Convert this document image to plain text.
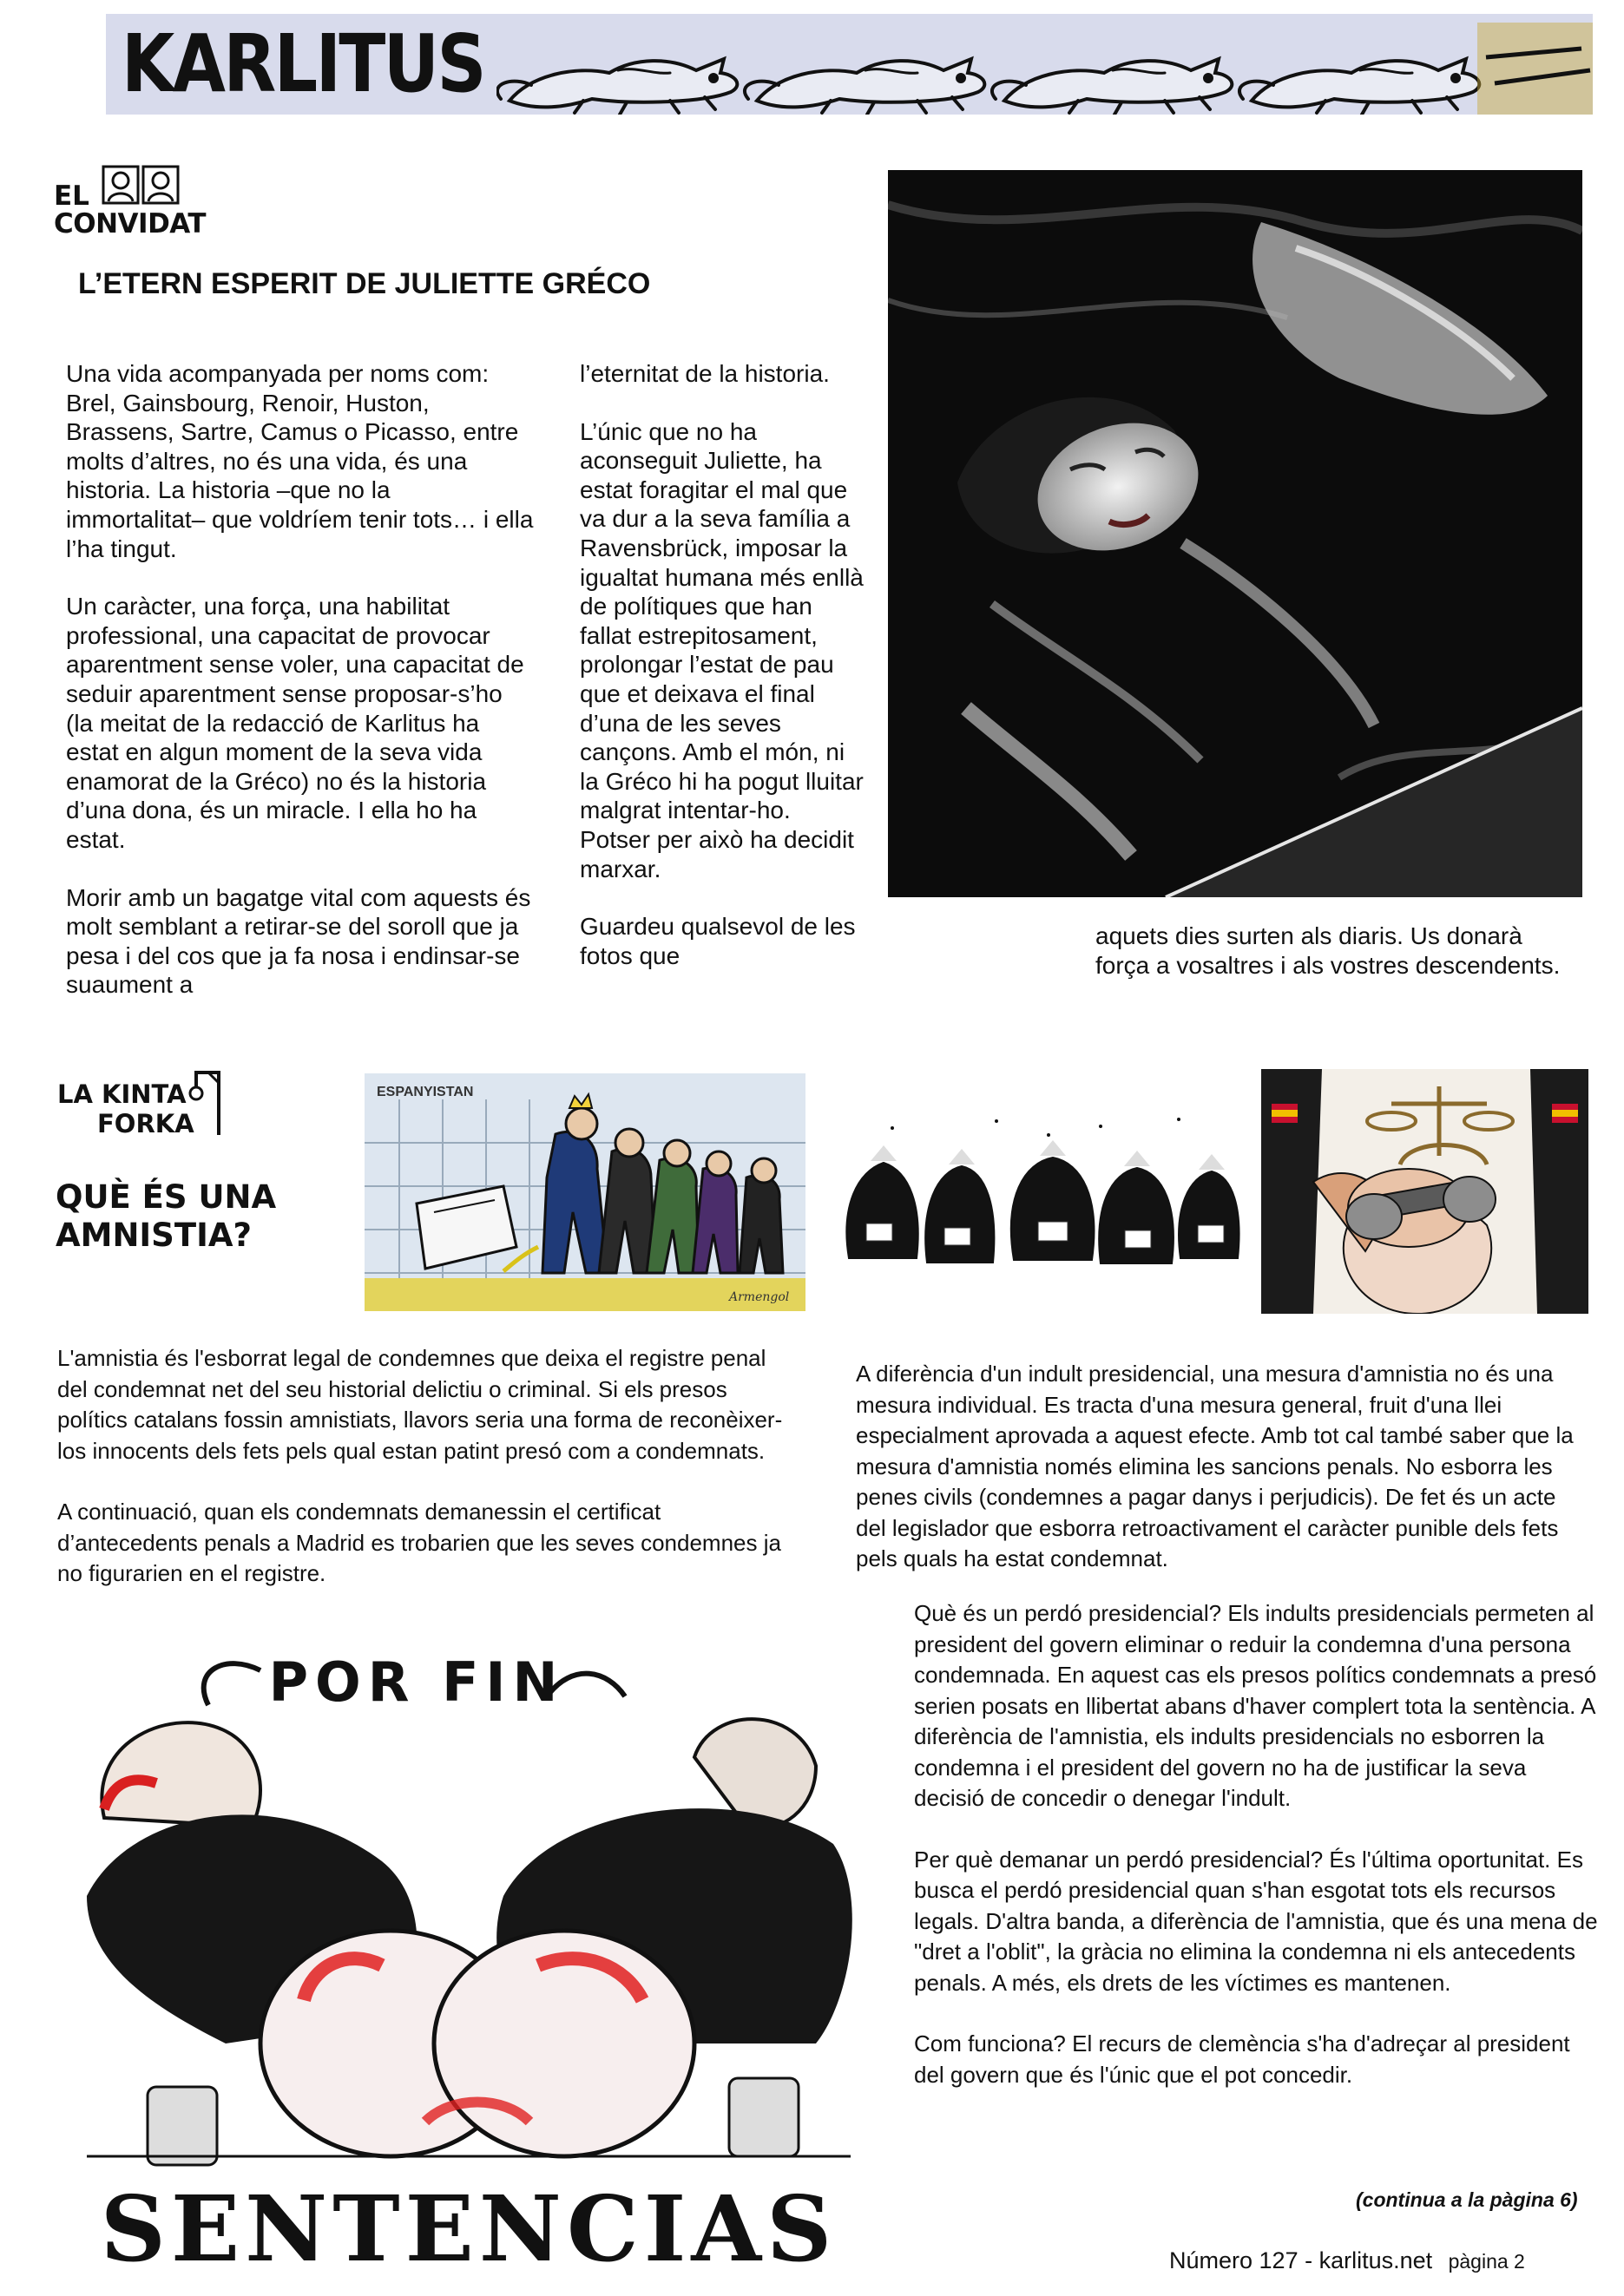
KARLITUS
EL
CONVIDAT
L’ETERN ESPERIT DE JULIETTE GRÉCO

Una vida acompanyada per noms com: Brel, Gainsbourg, Renoir, Huston, Brassens, Sartre, Camus o Picasso, entre molts d’altres, no és una vida, és una historia. La historia –que no la immortalitat– que voldríem tenir tots… i ella l’ha tingut.

Un caràcter, una força, una habilitat professional, una capacitat de provocar aparentment sense voler, una capacitat de seduir aparentment sense proposar-s’ho (la meitat de la redacció de Karlitus ha estat en algun moment de la seva vida enamorat de la Gréco) no és la historia d’una dona, és un miracle. I ella ho ha estat.

Morir amb un bagatge vital com aquests és molt semblant a retirar-se del soroll que ja pesa i del cos que ja fa nosa i endinsar-se suaument a

l’eternitat de la historia.

L’únic que no ha aconseguit Juliette, ha estat foragitar el mal que va dur a la seva família a Ravensbrück, imposar la igualtat humana més enllà de polítiques que han fallat estrepitosament, prolongar l’estat de pau que et deixava el final d’una de les seves cançons. Amb el món, ni la Gréco hi ha pogut lluitar malgrat intentar-ho. Potser per això ha decidit marxar.

Guardeu qualsevol de les fotos que

aquets dies surten als diaris. Us donarà força a vosaltres i als vostres descendents.
LA KINTA
FORKA
QUÈ ÉS UNA
AMNISTIA?
ESPANYISTAN
Armengol

L'amnistia és l'esborrat legal de condemnes que deixa el registre penal del condemnat net del seu historial delictiu o criminal. Si els presos polítics catalans fossin amnistiats, llavors seria una forma de reconèixer-los innocents dels fets pels qual estan patint presó com a condemnats.

A continuació, quan els condemnats demanessin el certificat d’antecedents penals a Madrid es trobarien que les seves condemnes ja no figurarien en el registre.

A diferència d'un indult presidencial, una mesura d'amnistia no és una mesura individual. Es tracta d'una mesura general, fruit d'una llei especialment aprovada a aquest efecte. Amb tot cal també saber que la mesura d'amnistia només elimina les sancions penals. No esborra les penes civils (condemnes a pagar danys i perjudicis). De fet és un acte del legislador que esborra retroactivament el caràcter punible dels fets pels quals ha estat condemnat.

Què és un perdó presidencial? Els indults presidencials permeten al president del govern eliminar o reduir la condemna d'una persona condemnada. En aquest cas els presos polítics condemnats a presó serien posats en llibertat abans d'haver complert tota la sentència. A diferència de l'amnistia, els indults presidencials no esborren la condemna i el president del govern no ha de justificar la seva decisió de concedir o denegar l'indult.

Per què demanar un perdó presidencial? És l'última oportunitat. Es busca el perdó presidencial quan s'han esgotat tots els recursos legals. D'altra banda, a diferència de l'amnistia, que és una mena de "dret a l'oblit", la gràcia no elimina la condemna ni els antecedents penals. A més, els drets de les víctimes es mantenen.

Com funciona? El recurs de clemència s'ha d'adreçar al president del govern que és l'únic que el pot concedir.

POR FIN
SENTENCIAS	(continua a la pàgina 6)
Número 127 - karlitus.net pàgina 2
